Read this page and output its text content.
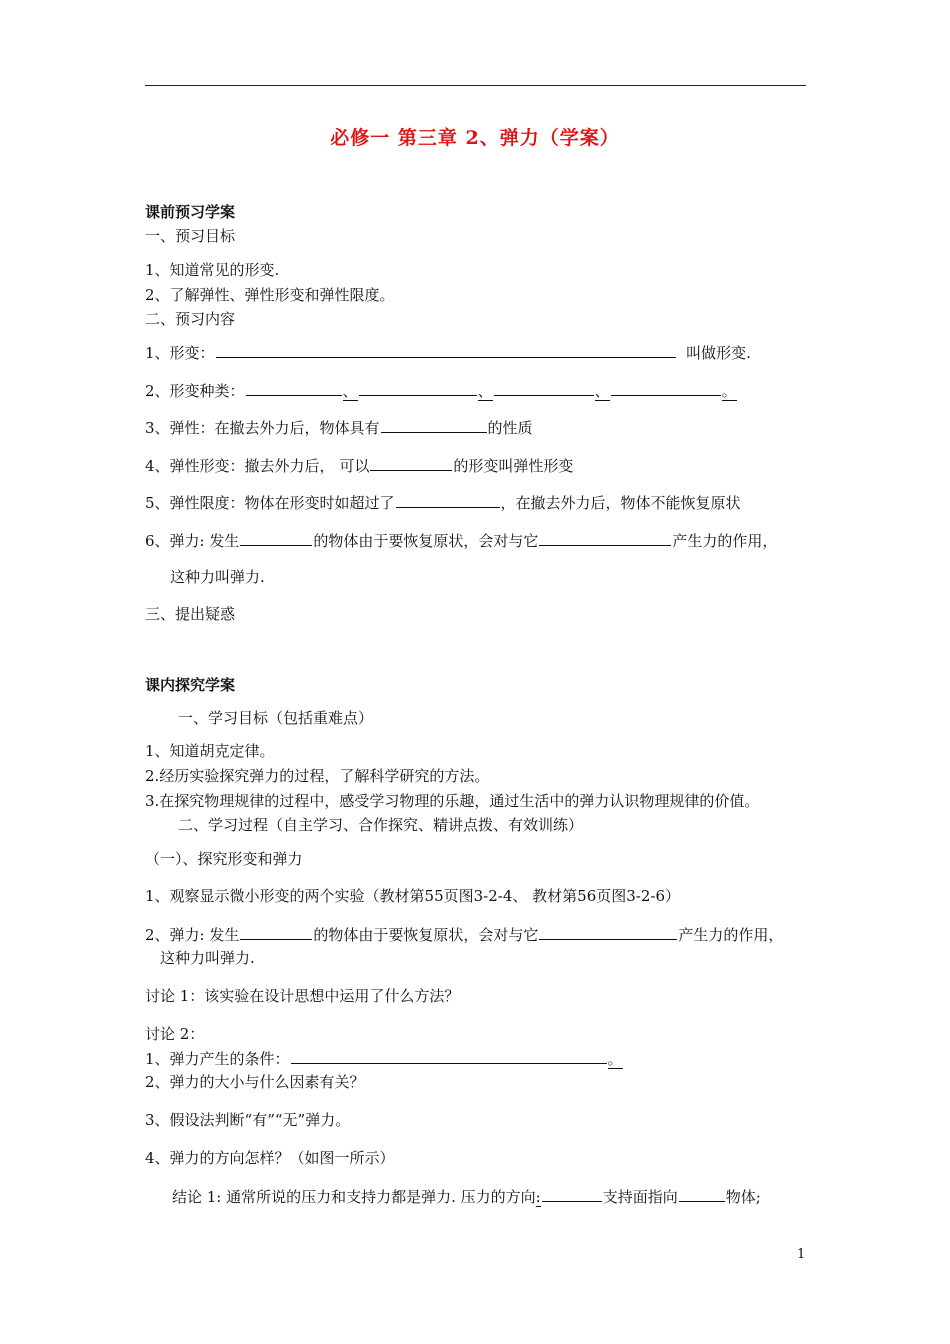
必修一 第三章 2、弹力（学案）
课前预习学案
一、预习目标
1、知道常见的形变.
2、了解弹性、弹性形变和弹性限度。
二、预习内容
1、形变：	叫做形变.
2、形变种类：	、	、	、	。
3、弹性：在撤去外力后，物体具有	的性质
4、弹性形变：撤去外力后， 可以	的形变叫弹性形变
5、弹性限度：物体在形变时如超过了	，在撤去外力后，物体不能恢复原状
6、弹力: 发生	的物体由于要恢复原状，会对与它	产生力的作用，
这种力叫弹力.
三、提出疑惑
课内探究学案
一、学习目标（包括重难点）
1、知道胡克定律。
2.经历实验探究弹力的过程，了解科学研究的方法。
3.在探究物理规律的过程中，感受学习物理的乐趣，通过生活中的弹力认识物理规律的价值。
二、学习过程（自主学习、合作探究、精讲点拨、有效训练）
（一）、探究形变和弹力
1、观察显示微小形变的两个实验（教材第55页图3-2-4、 教材第56页图3-2-6）
2、弹力: 发生	的物体由于要恢复原状，会对与它	产生力的作用，
这种力叫弹力.
讨论 1：该实验在设计思想中运用了什么方法？
讨论 2：
1、弹力产生的条件：	。
2、弹力的大小与什么因素有关？
3、假设法判断“有”“无”弹力。
4、弹力的方向怎样？（如图一所示）
结论 1: 通常所说的压力和支持力都是弹力. 压力的方向:	支持面指向	物体;
1
